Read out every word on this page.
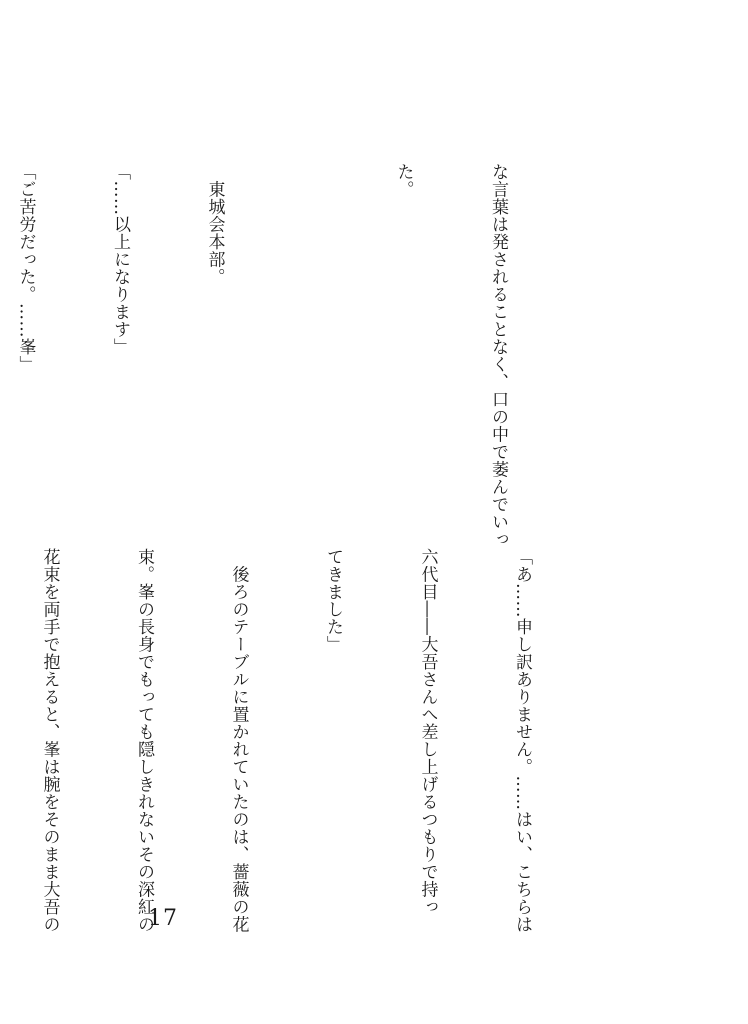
な言葉は発されることなく、口の中で萎んでいっ

た。

　東城会本部。

「……以上になります」

「ご苦労だった。……峯」

「あ……申し訳ありません。……はい、こちらは

六代目――大吾さんへ差し上げるつもりで持っ

てきました」

　後ろのテーブルに置かれていたのは、薔薇の花

束。峯の長身でもっても隠しきれないその深紅の

花束を両手で抱えると、峯は腕をそのまま大吾の

	17
